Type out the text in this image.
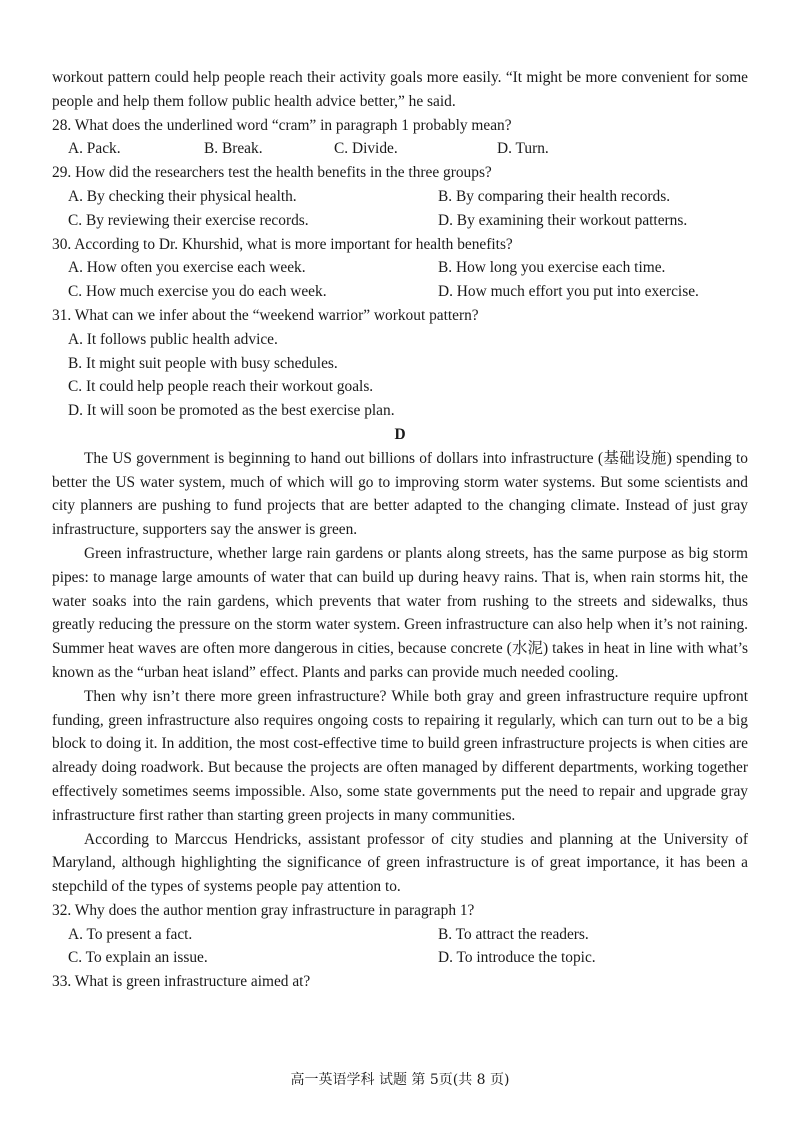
workout pattern could help people reach their activity goals more easily. “It might be more convenient for some people and help them follow public health advice better,” he said.

28. What does the underlined word “cram” in paragraph 1 probably mean?

A. Pack.	B. Break.	C. Divide.	D. Turn.

29. How did the researchers test the health benefits in the three groups?

A. By checking their physical health.	B. By comparing their health records.
C. By reviewing their exercise records.	D. By examining their workout patterns.

30. According to Dr. Khurshid, what is more important for health benefits?

A. How often you exercise each week.	B. How long you exercise each time.
C. How much exercise you do each week.	D. How much effort you put into exercise.

31. What can we infer about the “weekend warrior” workout pattern?

A. It follows public health advice.
B. It might suit people with busy schedules.
C. It could help people reach their workout goals.
D. It will soon be promoted as the best exercise plan.

D

The US government is beginning to hand out billions of dollars into infrastructure (基础设施) spending to better the US water system, much of which will go to improving storm water systems. But some scientists and city planners are pushing to fund projects that are better adapted to the changing climate. Instead of just gray infrastructure, supporters say the answer is green.

Green infrastructure, whether large rain gardens or plants along streets, has the same purpose as big storm pipes: to manage large amounts of water that can build up during heavy rains. That is, when rain storms hit, the water soaks into the rain gardens, which prevents that water from rushing to the streets and sidewalks, thus greatly reducing the pressure on the storm water system. Green infrastructure can also help when it’s not raining. Summer heat waves are often more dangerous in cities, because concrete (水泥) takes in heat in line with what’s known as the “urban heat island” effect. Plants and parks can provide much needed cooling.

Then why isn’t there more green infrastructure? While both gray and green infrastructure require upfront funding, green infrastructure also requires ongoing costs to repairing it regularly, which can turn out to be a big block to doing it. In addition, the most cost-effective time to build green infrastructure projects is when cities are already doing roadwork. But because the projects are often managed by different departments, working together effectively sometimes seems impossible. Also, some state governments put the need to repair and upgrade gray infrastructure first rather than starting green projects in many communities.

According to Marccus Hendricks, assistant professor of city studies and planning at the University of Maryland, although highlighting the significance of green infrastructure is of great importance, it has been a stepchild of the types of systems people pay attention to.

32. Why does the author mention gray infrastructure in paragraph 1?

A. To present a fact.	B. To attract the readers.
C. To explain an issue.	D. To introduce the topic.

33. What is green infrastructure aimed at?

高一英语学科 试题 第 5页(共 8 页)
